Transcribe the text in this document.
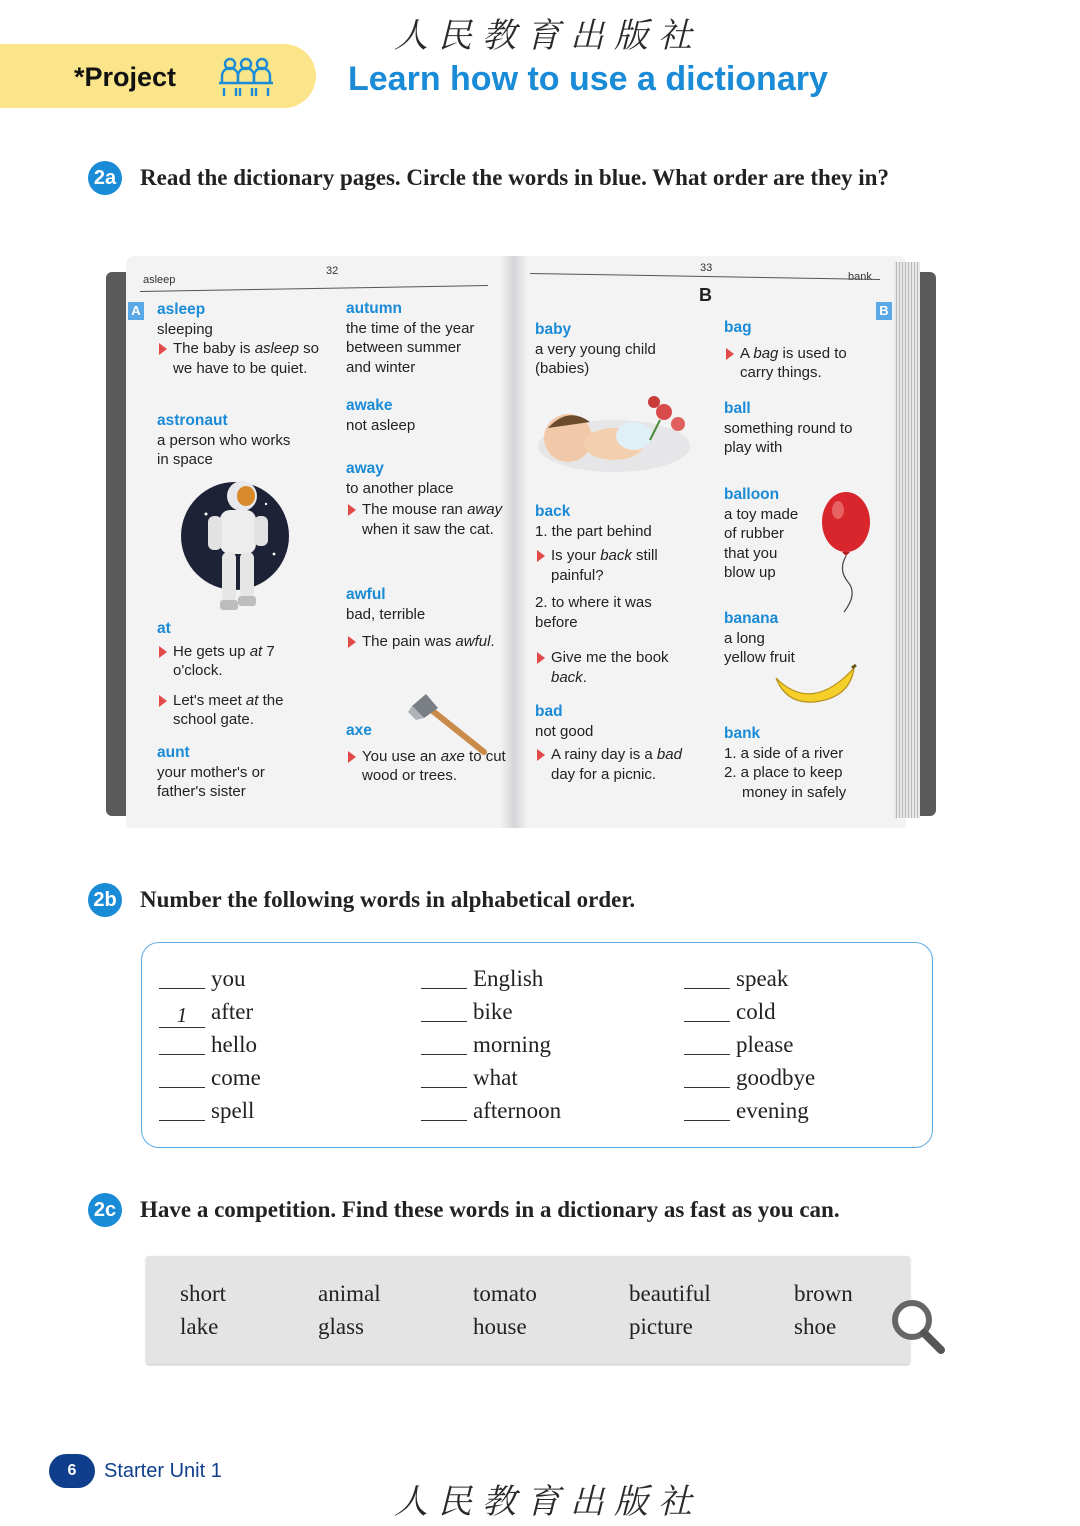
人民教育出版社
*Project	Learn how to use a dictionary
2a Read the dictionary pages. Circle the words in blue. What order are they in?
asleep
32
A asleep
sleeping
The baby is asleep so we have to be quiet.
astronaut
a person who works
in space
at
He gets up at 7 o'clock.
Let's meet at the school gate.
aunt
your mother's or
father's sister
autumn
the time of the year
between summer
and winter
awake
not asleep
away
to another place
The mouse ran away when it saw the cat.
awful
bad, terrible
The pain was awful.
axe
You use an axe to cut wood or trees.
33
bank
B
B
baby
a very young child
(babies)
back
1. the part behind
Is your back still painful?
2. to where it was before
Give me the book back.
bad
not good
A rainy day is a bad day for a picnic.
bag
A bag is used to carry things.
ball
something round to
play with
balloon
a toy made
of rubber
that you
blow up
banana
a long
yellow fruit
bank
1. a side of a river
2. a place to keep
money in safely
2b Number the following words in alphabetical order.
you
1 after
hello
come
spell
English
bike
morning
what
afternoon
speak
cold
please
goodbye
evening
2c Have a competition. Find these words in a dictionary as fast as you can.
short
lake
animal
glass
tomato
house
beautiful
picture
brown
shoe
6	Starter Unit 1
人民教育出版社
